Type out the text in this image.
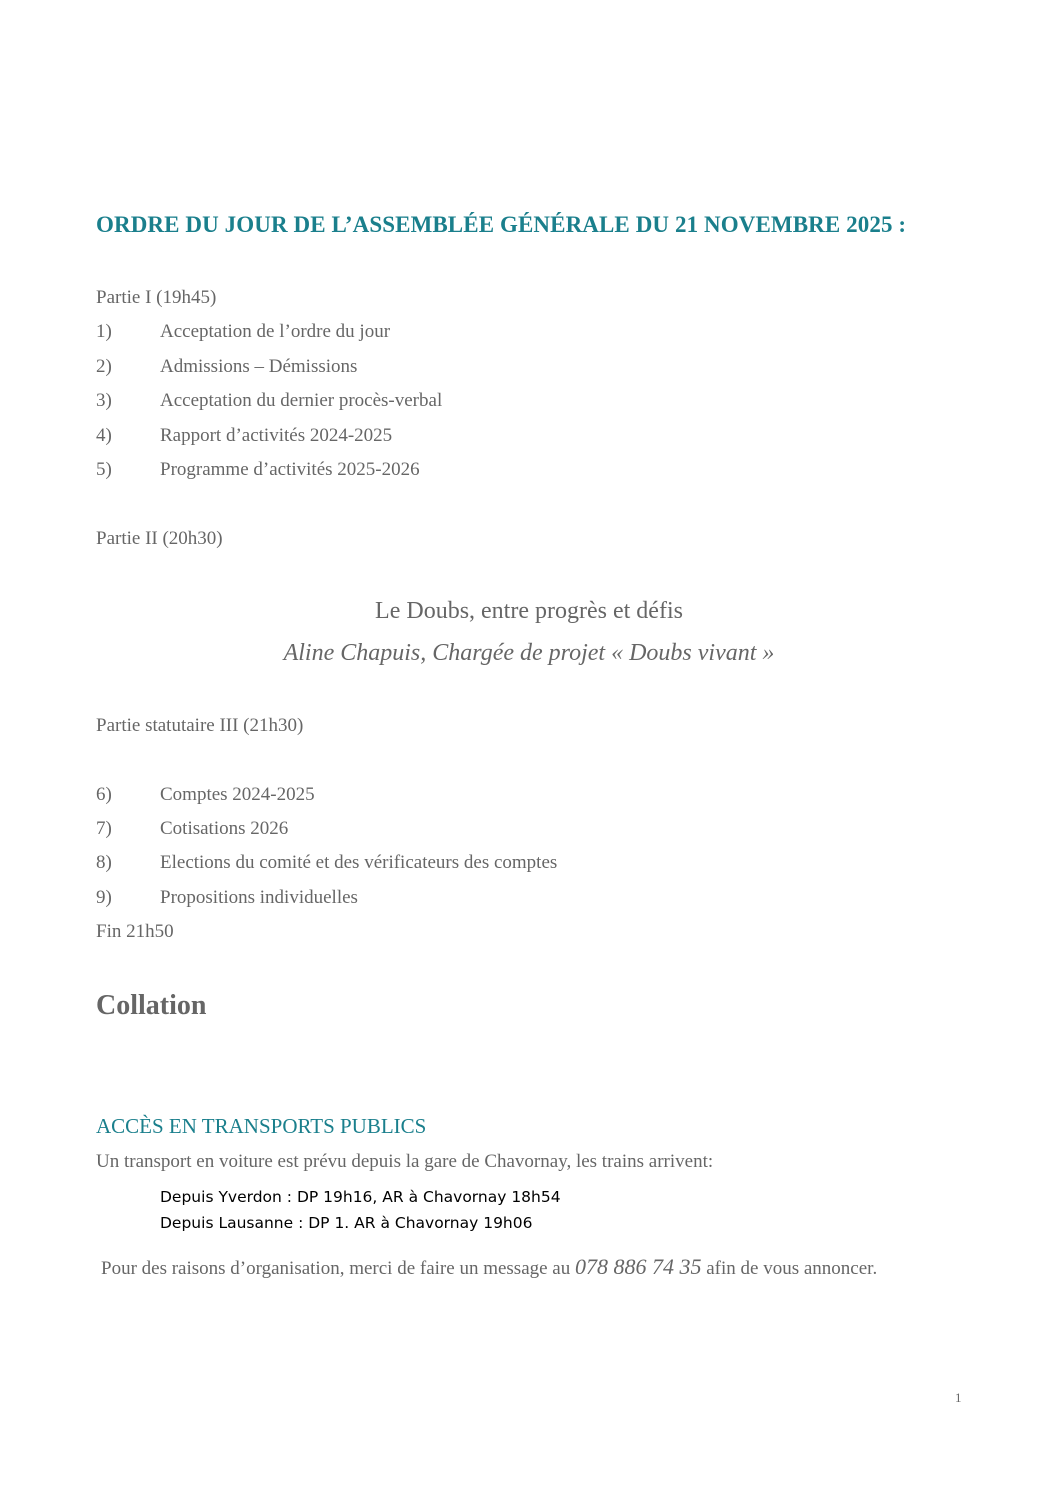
ORDRE DU JOUR DE L’ASSEMBLÉE GÉNÉRALE DU 21 NOVEMBRE 2025 :
Partie I (19h45)
1)	Acceptation de l’ordre du jour
2)	Admissions – Démissions
3)	Acceptation du dernier procès-verbal
4)	Rapport d’activités 2024-2025
5)	Programme d’activités 2025-2026
Partie II (20h30)
Le Doubs, entre progrès et défis
Aline Chapuis, Chargée de projet « Doubs vivant »
Partie statutaire III (21h30)
6)	Comptes 2024-2025
7)	Cotisations 2026
8)	Elections du comité et des vérificateurs des comptes
9)	Propositions individuelles
Fin 21h50
Collation
ACCÈS EN TRANSPORTS PUBLICS
Un transport en voiture est prévu depuis la gare de Chavornay, les trains arrivent:
Depuis Yverdon : DP 19h16, AR à Chavornay 18h54
Depuis Lausanne : DP 1. AR à Chavornay 19h06
Pour des raisons d’organisation, merci de faire un message au 078 886 74 35 afin de vous annoncer.
1
